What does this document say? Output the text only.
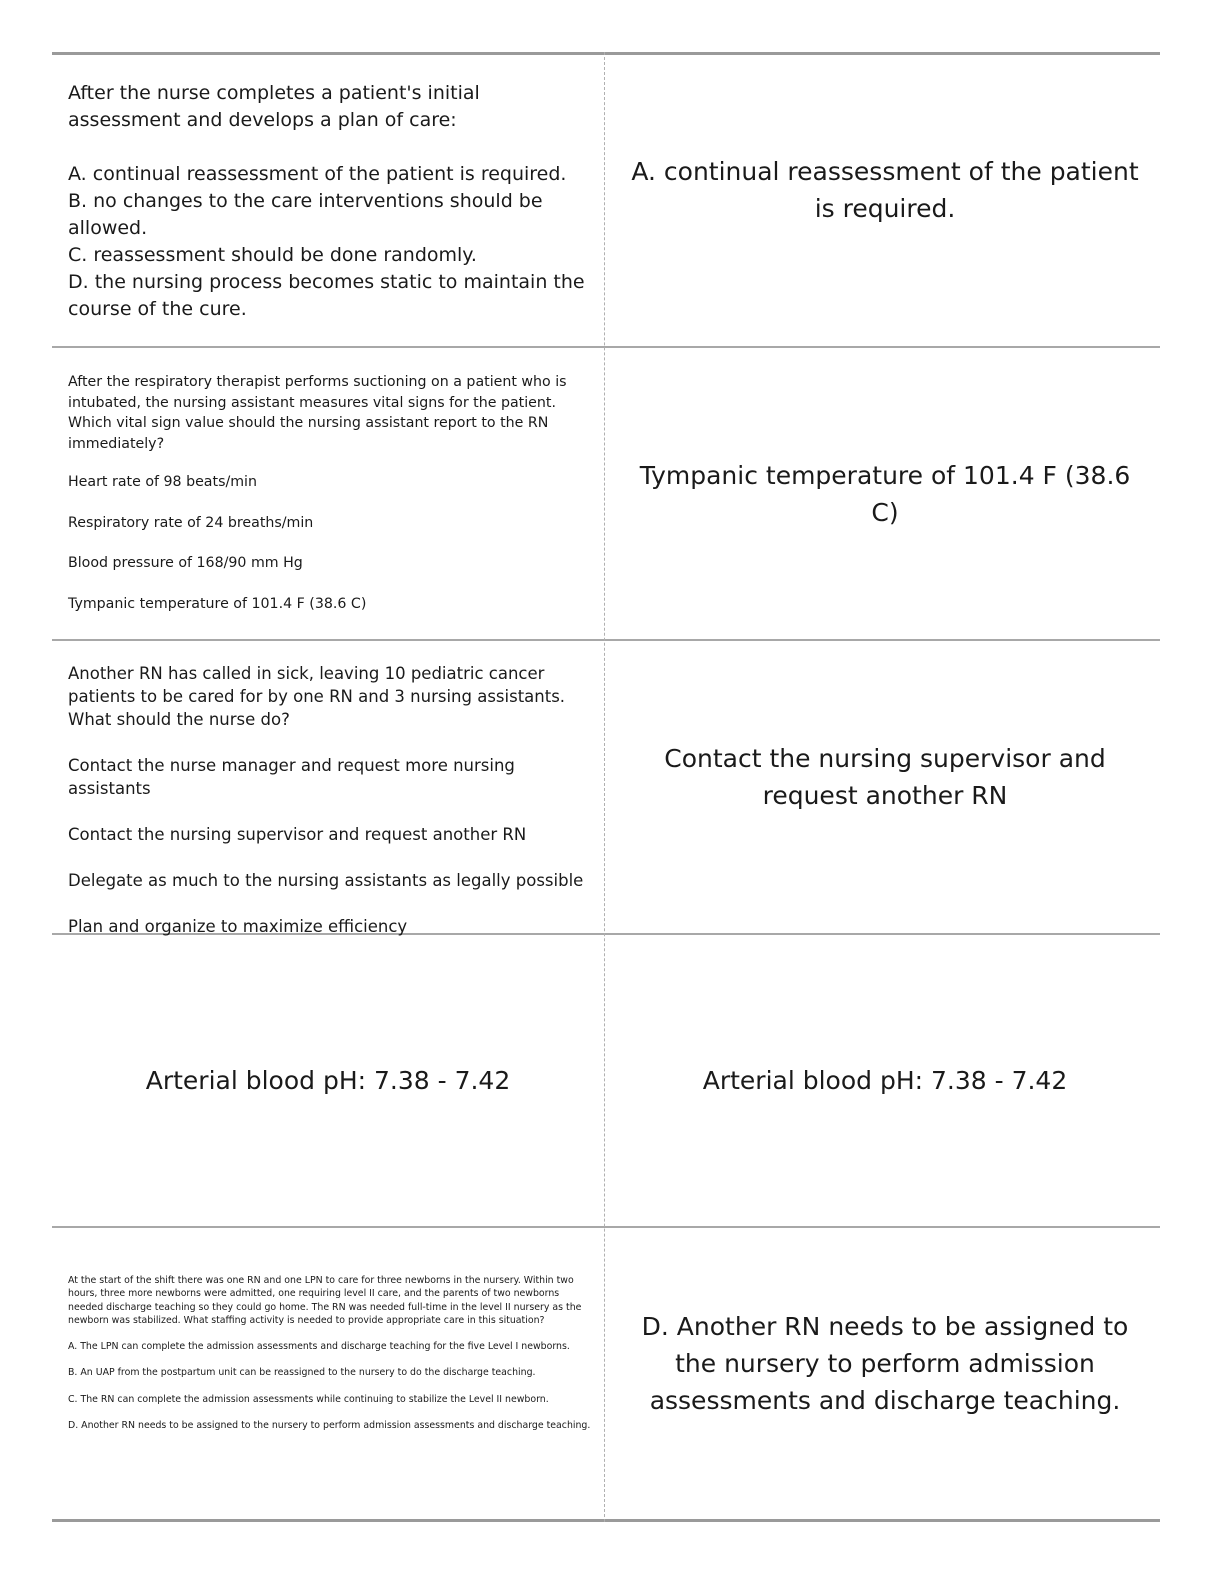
After the nurse completes a patient's initial

assessment and develops a plan of care:

A. continual reassessment of the patient is required.

B. no changes to the care interventions should be

allowed.

C. reassessment should be done randomly.

D. the nursing process becomes static to maintain the

course of the cure.

A. continual reassessment of the patient is required.

After the respiratory therapist performs suctioning on a patient who is intubated, the nursing assistant measures vital signs for the patient. Which vital sign value should the nursing assistant report to the RN immediately?

Heart rate of 98 beats/min

Respiratory rate of 24 breaths/min

Blood pressure of 168/90 mm Hg

Tympanic temperature of 101.4 F (38.6 C)

Tympanic temperature of 101.4 F (38.6 C)

Another RN has called in sick, leaving 10 pediatric cancer patients to be cared for by one RN and 3 nursing assistants. What should the nurse do?

Contact the nurse manager and request more nursing assistants

Contact the nursing supervisor and request another RN

Delegate as much to the nursing assistants as legally possible

Plan and organize to maximize efficiency

Contact the nursing supervisor and request another RN
Arterial blood pH: 7.38 - 7.42	Arterial blood pH: 7.38 - 7.42

At the start of the shift there was one RN and one LPN to care for three newborns in the nursery. Within two hours, three more newborns were admitted, one requiring level II care, and the parents of two newborns needed discharge teaching so they could go home. The RN was needed full-time in the level II nursery as the newborn was stabilized. What staffing activity is needed to provide appropriate care in this situation?

A. The LPN can complete the admission assessments and discharge teaching for the five Level I newborns.

B. An UAP from the postpartum unit can be reassigned to the nursery to do the discharge teaching.

C. The RN can complete the admission assessments while continuing to stabilize the Level II newborn.

D. Another RN needs to be assigned to the nursery to perform admission assessments and discharge teaching.

D. Another RN needs to be assigned to the nursery to perform admission assessments and discharge teaching.
